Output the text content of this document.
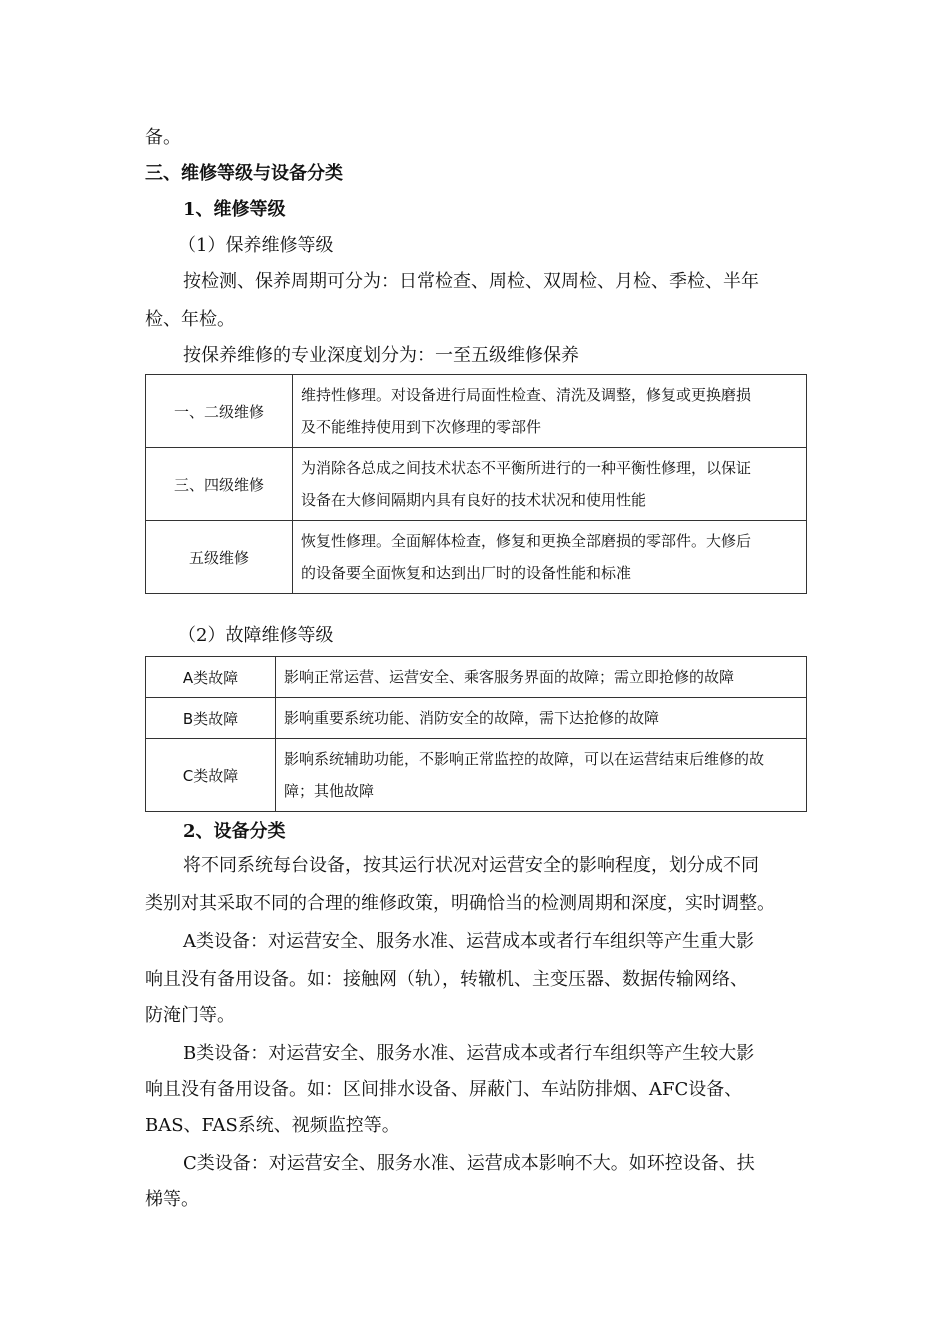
备。
三、维修等级与设备分类
1、维修等级
（1）保养维修等级
按检测、保养周期可分为：日常检查、周检、双周检、月检、季检、半年
检、年检。
按保养维修的专业深度划分为：一至五级维修保养
一、二级维修	维持性修理。对设备进行局面性检查、清洗及调整，修复或更换磨损
及不能维持使用到下次修理的零部件

三、四级维修	为消除各总成之间技术状态不平衡所进行的一种平衡性修理，以保证
设备在大修间隔期内具有良好的技术状况和使用性能

五级维修	恢复性修理。全面解体检查，修复和更换全部磨损的零部件。大修后
的设备要全面恢复和达到出厂时的设备性能和标准
（2）故障维修等级
A类故障	影响正常运营、运营安全、乘客服务界面的故障；需立即抢修的故障

B类故障	影响重要系统功能、消防安全的故障，需下达抢修的故障

C类故障	影响系统辅助功能，不影响正常监控的故障，可以在运营结束后维修的故
障；其他故障
2、设备分类
将不同系统每台设备，按其运行状况对运营安全的影响程度，划分成不同
类别对其采取不同的合理的维修政策，明确恰当的检测周期和深度，实时调整。
A类设备：对运营安全、服务水准、运营成本或者行车组织等产生重大影
响且没有备用设备。如：接触网（轨），转辙机、主变压器、数据传输网络、
防淹门等。
B类设备：对运营安全、服务水准、运营成本或者行车组织等产生较大影
响且没有备用设备。如：区间排水设备、屏蔽门、车站防排烟、AFC设备、
BAS、FAS系统、视频监控等。
C类设备：对运营安全、服务水准、运营成本影响不大。如环控设备、扶
梯等。
